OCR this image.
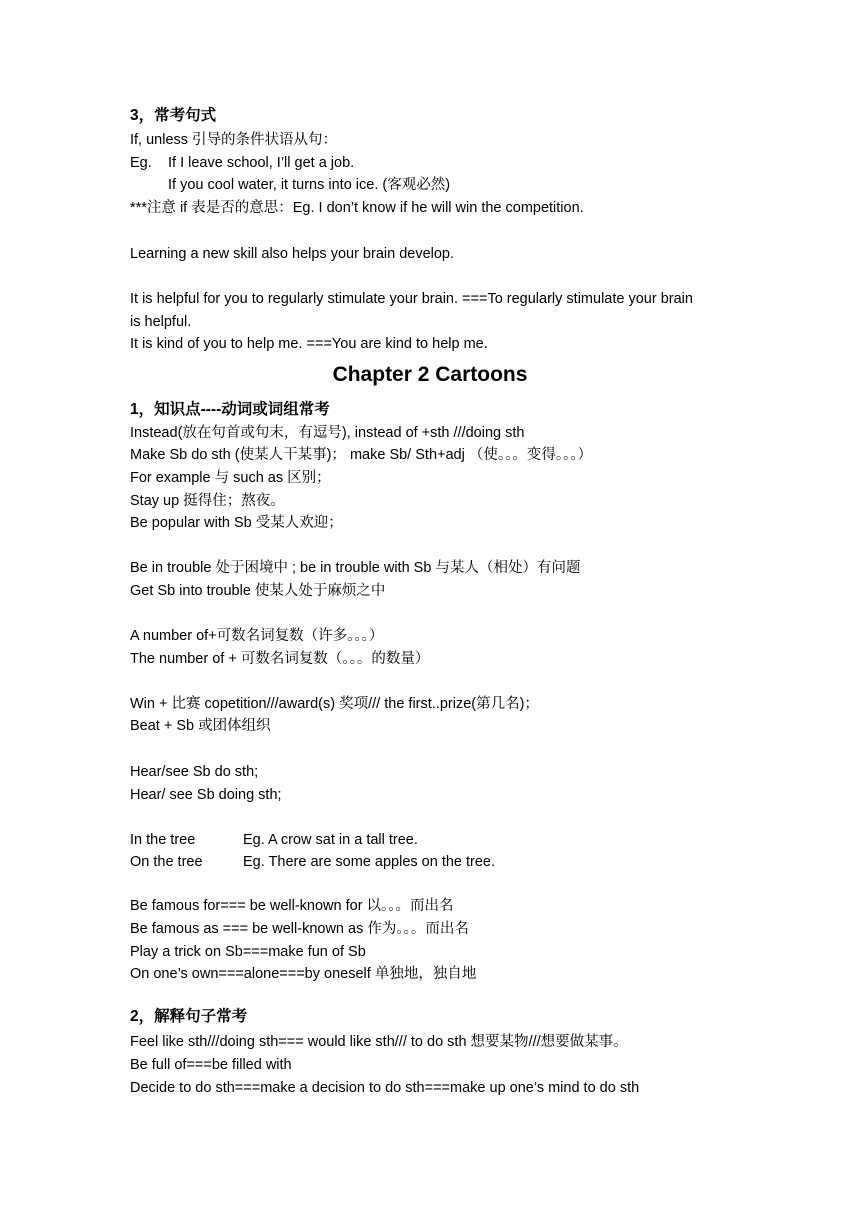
3，常考句式
If, unless 引导的条件状语从句：
Eg. If I leave school, I’ll get a job.
If you cool water, it turns into ice. (客观必然)
***注意 if 表是否的意思：Eg. I don’t know if he will win the competition.
Learning a new skill also helps your brain develop.
It is helpful for you to regularly stimulate your brain. ===To regularly stimulate your brain
is helpful.
It is kind of you to help me. ===You are kind to help me.
Chapter 2 Cartoons
1，知识点----动词或词组常考
Instead(放在句首或句末，有逗号), instead of +sth ///doing sth
Make Sb do sth (使某人干某事)； make Sb/ Sth+adj （使。。。变得。。。）
For example 与 such as 区别；
Stay up 挺得住；熬夜。
Be popular with Sb 受某人欢迎；
Be in trouble 处于困境中 ; be in trouble with Sb 与某人（相处）有问题
Get Sb into trouble 使某人处于麻烦之中
A number of+可数名词复数（许多。。。）
The number of + 可数名词复数（。。。的数量）
Win + 比赛 copetition///award(s) 奖项/// the first..prize(第几名)；
Beat + Sb 或团体组织
Hear/see Sb do sth;
Hear/ see Sb doing sth;
In the tree	Eg. A crow sat in a tall tree.
On the tree	Eg. There are some apples on the tree.
Be famous for=== be well-known for 以。。。而出名
Be famous as === be well-known as 作为。。。而出名
Play a trick on Sb===make fun of Sb
On one’s own===alone===by oneself 单独地，独自地
2，解释句子常考
Feel like sth///doing sth=== would like sth/// to do sth 想要某物///想要做某事。
Be full of===be filled with
Decide to do sth===make a decision to do sth===make up one’s mind to do sth
